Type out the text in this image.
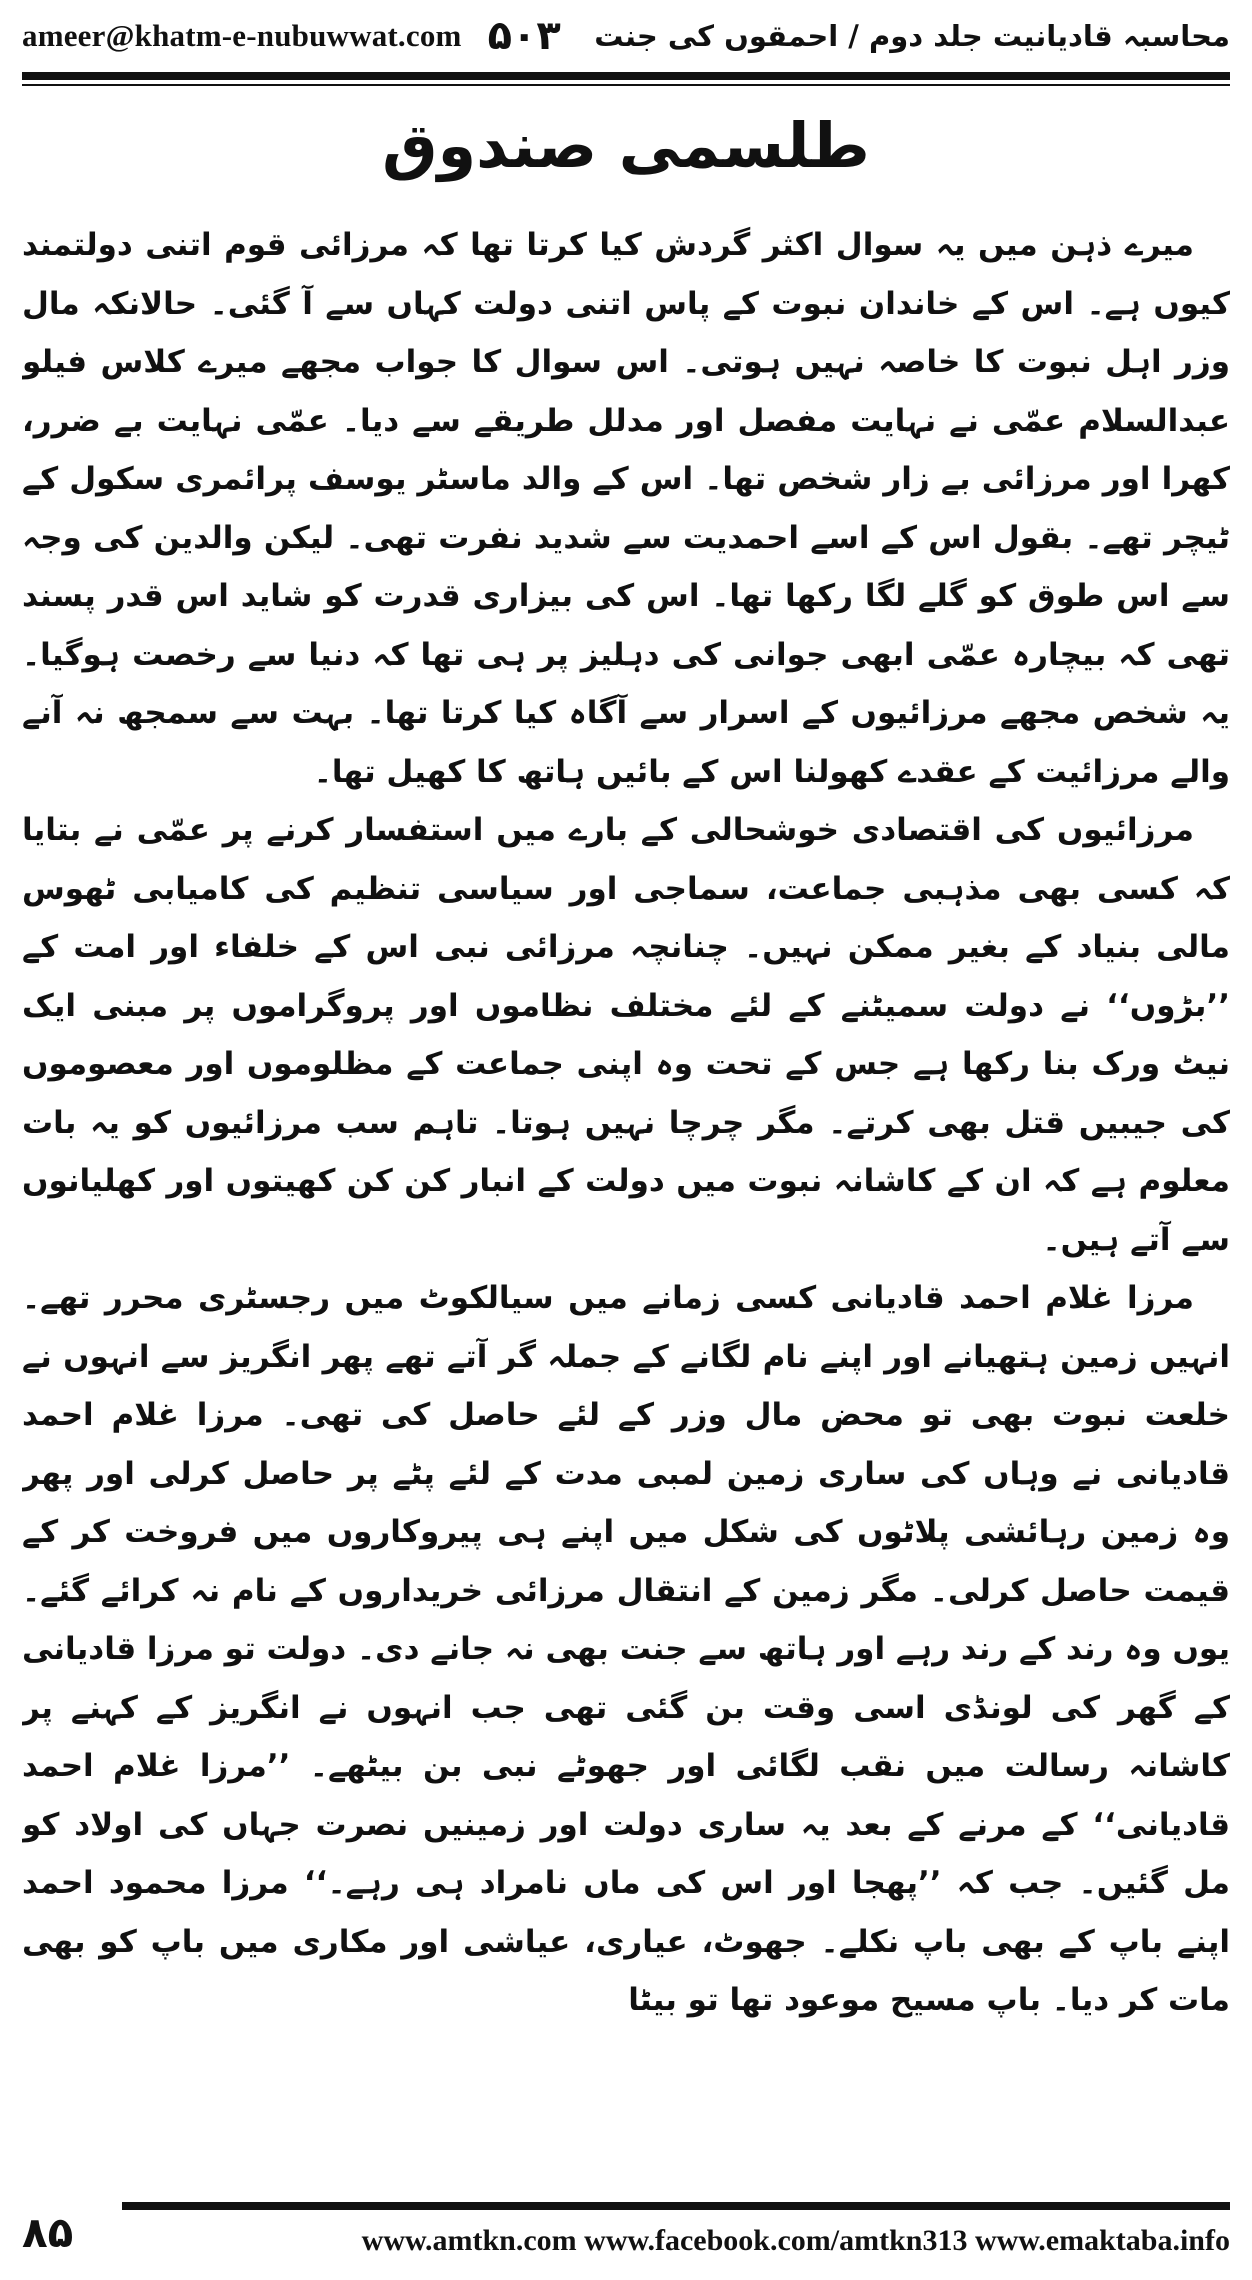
ameer@khatm-e-nubuwwat.com ۵۰۳ محاسبہ قادیانیت جلد دوم / احمقوں کی جنت
طلسمی صندوق

میرے ذہن میں یہ سوال اکثر گردش کیا کرتا تھا کہ مرزائی قوم اتنی دولتمند کیوں ہے۔ اس کے خاندان نبوت کے پاس اتنی دولت کہاں سے آ گئی۔ حالانکہ مال وزر اہل نبوت کا خاصہ نہیں ہوتی۔ اس سوال کا جواب مجھے میرے کلاس فیلو عبدالسلام عمّی نے نہایت مفصل اور مدلل طریقے سے دیا۔ عمّی نہایت بے ضرر، کھرا اور مرزائی بے زار شخص تھا۔ اس کے والد ماسٹر یوسف پرائمری سکول کے ٹیچر تھے۔ بقول اس کے اسے احمدیت سے شدید نفرت تھی۔ لیکن والدین کی وجہ سے اس طوق کو گلے لگا رکھا تھا۔ اس کی بیزاری قدرت کو شاید اس قدر پسند تھی کہ بیچارہ عمّی ابھی جوانی کی دہلیز پر ہی تھا کہ دنیا سے رخصت ہوگیا۔ یہ شخص مجھے مرزائیوں کے اسرار سے آگاہ کیا کرتا تھا۔ بہت سے سمجھ نہ آنے والے مرزائیت کے عقدے کھولنا اس کے بائیں ہاتھ کا کھیل تھا۔

مرزائیوں کی اقتصادی خوشحالی کے بارے میں استفسار کرنے پر عمّی نے بتایا کہ کسی بھی مذہبی جماعت، سماجی اور سیاسی تنظیم کی کامیابی ٹھوس مالی بنیاد کے بغیر ممکن نہیں۔ چنانچہ مرزائی نبی اس کے خلفاء اور امت کے ’’بڑوں‘‘ نے دولت سمیٹنے کے لئے مختلف نظاموں اور پروگراموں پر مبنی ایک نیٹ ورک بنا رکھا ہے جس کے تحت وہ اپنی جماعت کے مظلوموں اور معصوموں کی جیبیں قتل بھی کرتے۔ مگر چرچا نہیں ہوتا۔ تاہم سب مرزائیوں کو یہ بات معلوم ہے کہ ان کے کاشانہ نبوت میں دولت کے انبار کن کن کھیتوں اور کھلیانوں سے آتے ہیں۔

مرزا غلام احمد قادیانی کسی زمانے میں سیالکوٹ میں رجسٹری محرر تھے۔ انہیں زمین ہتھیانے اور اپنے نام لگانے کے جملہ گر آتے تھے پھر انگریز سے انہوں نے خلعت نبوت بھی تو محض مال وزر کے لئے حاصل کی تھی۔ مرزا غلام احمد قادیانی نے وہاں کی ساری زمین لمبی مدت کے لئے پٹے پر حاصل کرلی اور پھر وہ زمین رہائشی پلاٹوں کی شکل میں اپنے ہی پیروکاروں میں فروخت کر کے قیمت حاصل کرلی۔ مگر زمین کے انتقال مرزائی خریداروں کے نام نہ کرائے گئے۔ یوں وہ رند کے رند رہے اور ہاتھ سے جنت بھی نہ جانے دی۔ دولت تو مرزا قادیانی کے گھر کی لونڈی اسی وقت بن گئی تھی جب انہوں نے انگریز کے کہنے پر کاشانہ رسالت میں نقب لگائی اور جھوٹے نبی بن بیٹھے۔ ’’مرزا غلام احمد قادیانی‘‘ کے مرنے کے بعد یہ ساری دولت اور زمینیں نصرت جہاں کی اولاد کو مل گئیں۔ جب کہ ’’پھجا اور اس کی ماں نامراد ہی رہے۔‘‘ مرزا محمود احمد اپنے باپ کے بھی باپ نکلے۔ جھوٹ، عیاری، عیاشی اور مکاری میں باپ کو بھی مات کر دیا۔ باپ مسیح موعود تھا تو بیٹا

۸۵	www.amtkn.com www.facebook.com/amtkn313 www.emaktaba.info
